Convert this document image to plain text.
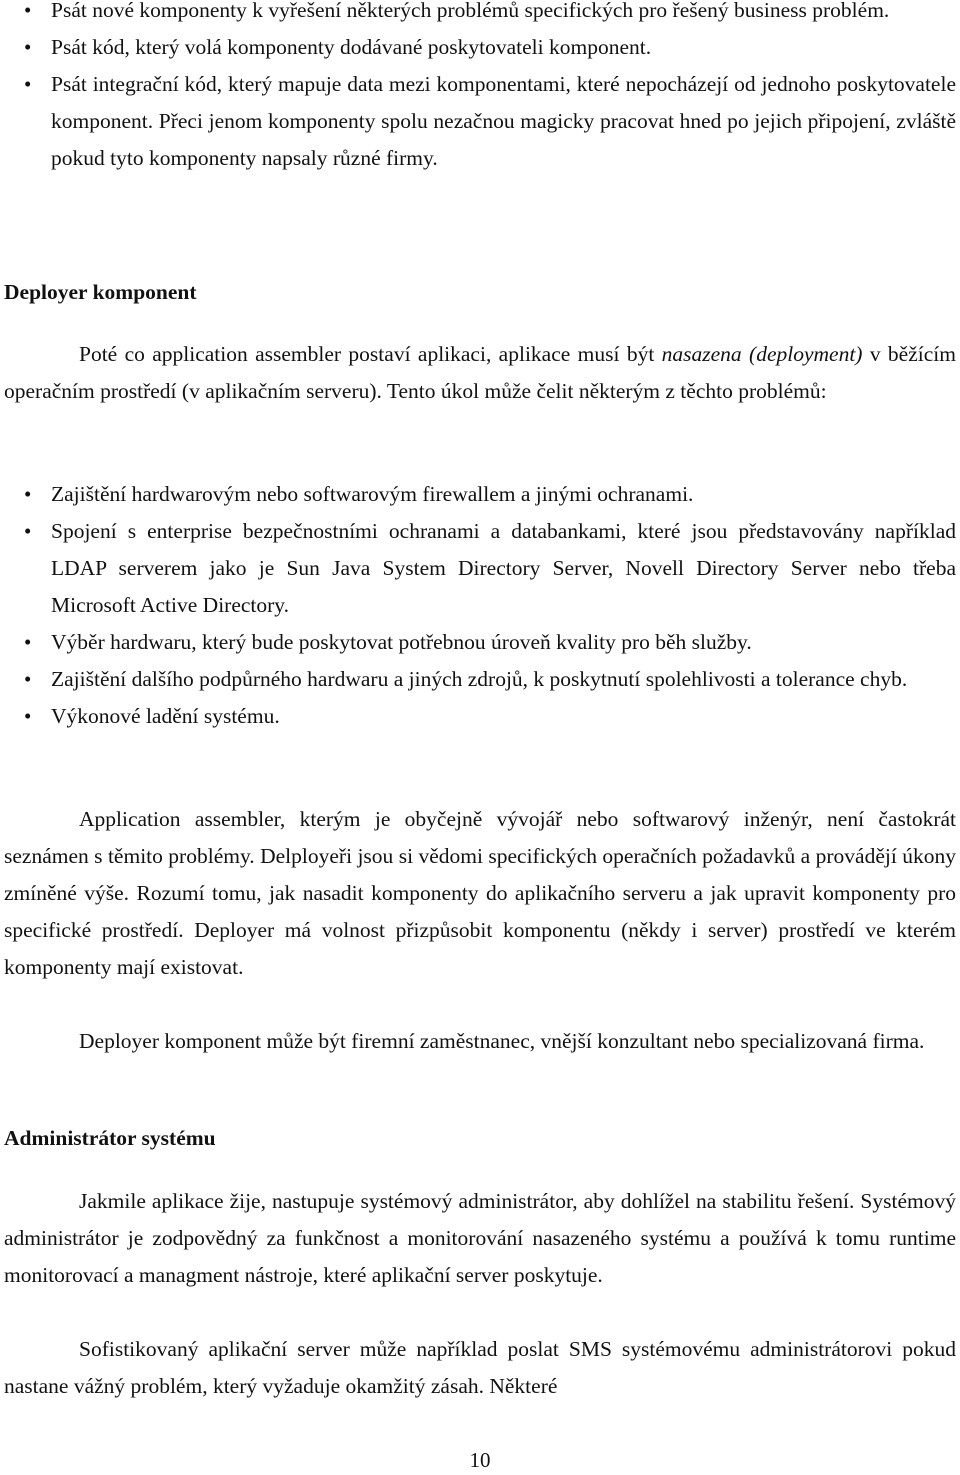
• Psát nové komponenty k vyřešení některých problémů specifických pro řešený business problém.
• Psát kód, který volá komponenty dodávané poskytovateli komponent.
• Psát integrační kód, který mapuje data mezi komponentami, které nepocházejí od jednoho poskytovatele komponent. Přeci jenom komponenty spolu nezačnou magicky pracovat hned po jejich připojení, zvláště pokud tyto komponenty napsaly různé firmy.
Deployer komponent

Poté co application assembler postaví aplikaci, aplikace musí být nasazena (deployment) v běžícím operačním prostředí (v aplikačním serveru). Tento úkol může čelit některým z těchto problémů:

• Zajištění hardwarovým nebo softwarovým firewallem a jinými ochranami.
• Spojení s enterprise bezpečnostními ochranami a databankami, které jsou představovány například LDAP serverem jako je Sun Java System Directory Server, Novell Directory Server nebo třeba Microsoft Active Directory.
• Výběr hardwaru, který bude poskytovat potřebnou úroveň kvality pro běh služby.
• Zajištění dalšího podpůrného hardwaru a jiných zdrojů, k poskytnutí spolehlivosti a tolerance chyb.
• Výkonové ladění systému.

Application assembler, kterým je obyčejně vývojář nebo softwarový inženýr, není častokrát seznámen s těmito problémy. Delployeři jsou si vědomi specifických operačních požadavků a provádějí úkony zmíněné výše. Rozumí tomu, jak nasadit komponenty do aplikačního serveru a jak upravit komponenty pro specifické prostředí. Deployer má volnost přizpůsobit komponentu (někdy i server) prostředí ve kterém komponenty mají existovat.

Deployer komponent může být firemní zaměstnanec, vnější konzultant nebo specializovaná firma.

Administrátor systému

Jakmile aplikace žije, nastupuje systémový administrátor, aby dohlížel na stabilitu řešení. Systémový administrátor je zodpovědný za funkčnost a monitorování nasazeného systému a používá k tomu runtime monitorovací a managment nástroje, které aplikační server poskytuje.

Sofistikovaný aplikační server může například poslat SMS systémovému administrátorovi pokud nastane vážný problém, který vyžaduje okamžitý zásah. Některé

10
